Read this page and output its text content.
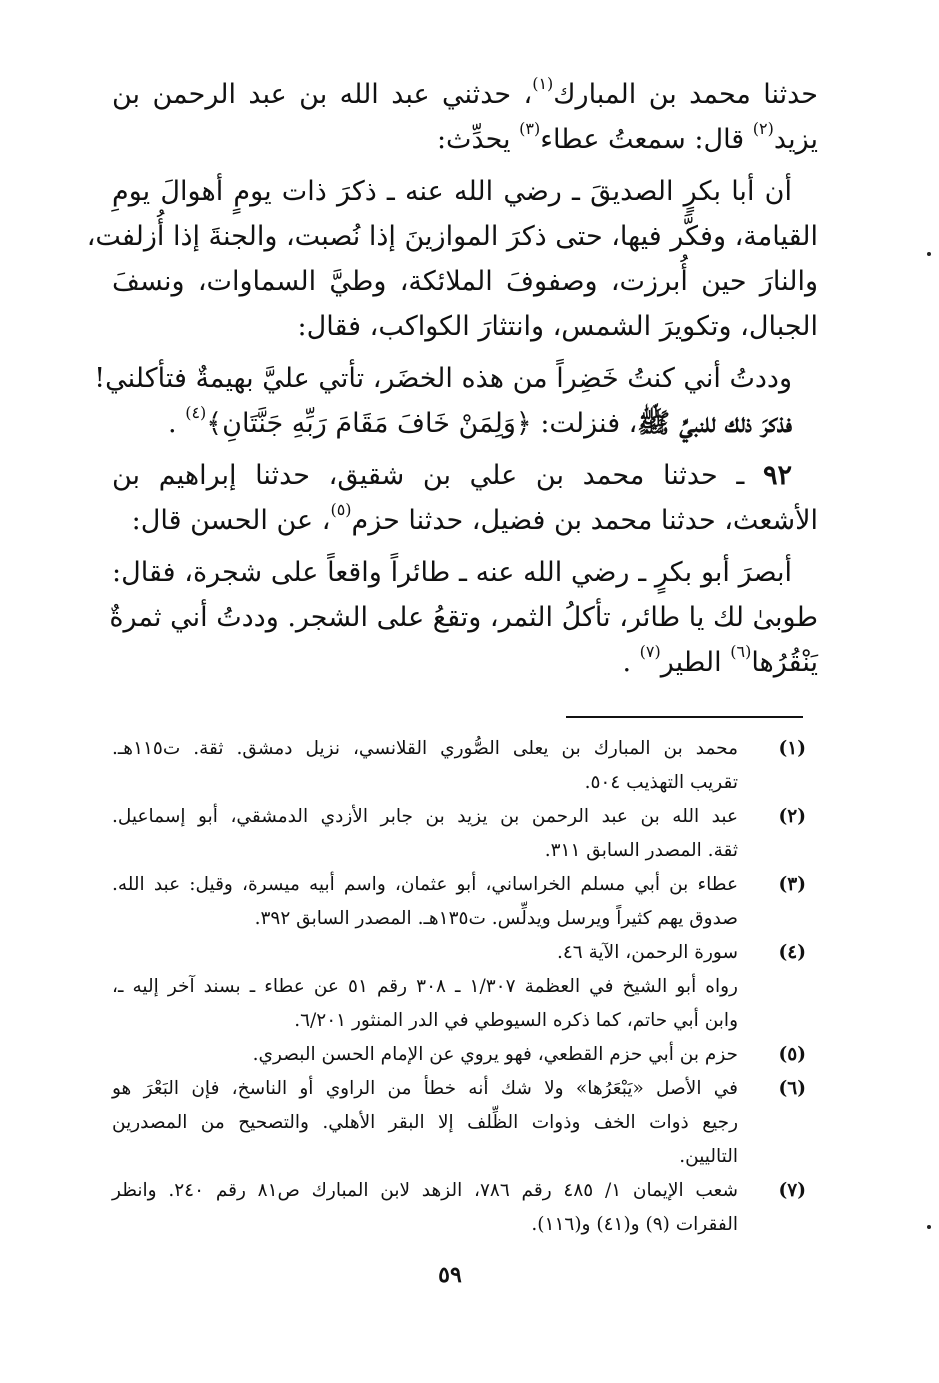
حدثنا محمد بن المبارك$^{(١)}$، حدثني عبد الله بن عبد الرحمن بن

يزيد$^{(٢)}$ قال: سمعتُ عطاء$^{(٣)}$ يحدِّث:

أن أبا بكرٍ الصديقَ ـ رضي الله عنه ـ ذكرَ ذات يومٍ أهوالَ يومِ

القيامة، وفكَّر فيها، حتى ذكرَ الموازينَ إذا نُصبت، والجنةَ إذا أُزلفت،

والنارَ حين أُبرزت، وصفوفَ الملائكة، وطيَّ السماوات، ونسفَ

الجبال، وتكويرَ الشمس، وانتثارَ الكواكب، فقال:

وددتُ أني كنتُ خَضِراً من هذه الخضَر، تأتي عليَّ بهيمةٌ فتأكلني!

فذكرَ ذلك للنبيِّ ﷺ، فنزلت: ﴿وَلِمَنْ خَافَ مَقَامَ رَبِّهِ جَنَّتَانِ﴾$^{(٤)}$ .

٩٢ ـ حدثنا محمد بن علي بن شقيق، حدثنا إبراهيم بن

الأشعث، حدثنا محمد بن فضيل، حدثنا حزم$^{(٥)}$، عن الحسن قال:

أبصرَ أبو بكرٍ ـ رضي الله عنه ـ طائراً واقعاً على شجرة، فقال:

طوبىٰ لك يا طائر، تأكلُ الثمر، وتقعُ على الشجر. وددتُ أني ثمرةٌ

يَنْقُرُها$^{(٦)}$ الطير$^{(٧)}$ .

(١)
محمد بن المبارك بن يعلى الصُّوري القلانسي، نزيل دمشق. ثقة. ت١١٥هـ.
تقريب التهذيب ٥٠٤.
(٢)
عبد الله بن عبد الرحمن بن يزيد بن جابر الأزدي الدمشقي، أبو إسماعيل.
ثقة. المصدر السابق ٣١١.
(٣)
عطاء بن أبي مسلم الخراساني، أبو عثمان، واسم أبيه ميسرة، وقيل: عبد الله.
صدوق يهم كثيراً ويرسل ويدلِّس. ت١٣٥هـ. المصدر السابق ٣٩٢.
(٤)
سورة الرحمن، الآية ٤٦.
رواه أبو الشيخ في العظمة ١/٣٠٧ ـ ٣٠٨ رقم ٥١ عن عطاء ـ بسند آخر إليه ـ،
وابن أبي حاتم، كما ذكره السيوطي في الدر المنثور ٦/٢٠١.
(٥)
حزم بن أبي حزم القطعي، فهو يروي عن الإمام الحسن البصري.
(٦)
في الأصل «يَبْعَرُها» ولا شك أنه خطأ من الراوي أو الناسخ، فإن البَعْرَ هو
رجيع ذوات الخف وذوات الظِّلف إلا البقر الأهلي. والتصحيح من المصدرين
التاليين.
(٧)
شعب الإيمان ١/ ٤٨٥ رقم ٧٨٦، الزهد لابن المبارك ص٨١ رقم ٢٤٠. وانظر
الفقرات (٩) و(٤١) و(١١٦).
٥٩
